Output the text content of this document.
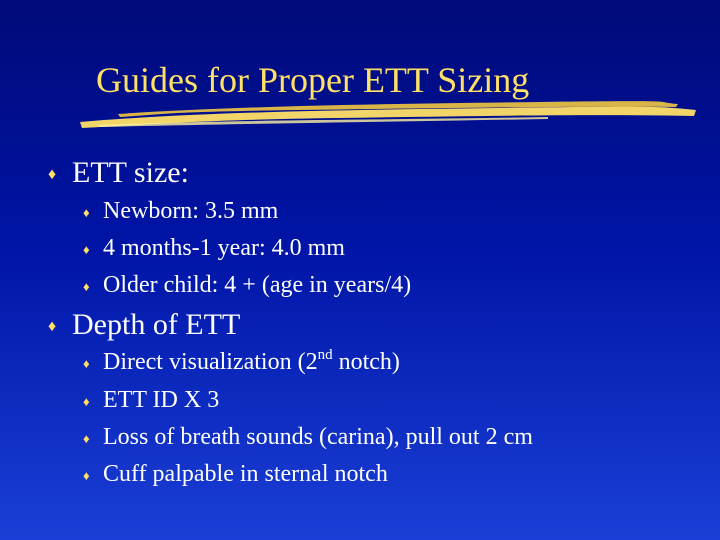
Guides for Proper ETT Sizing
♦ ETT size:
♦ Newborn: 3.5 mm
♦ 4 months-1 year: 4.0 mm
♦ Older child: 4 + (age in years/4)
♦ Depth of ETT
♦ Direct visualization (2nd notch)
♦ ETT ID X 3
♦ Loss of breath sounds (carina), pull out 2 cm
♦ Cuff palpable in sternal notch
